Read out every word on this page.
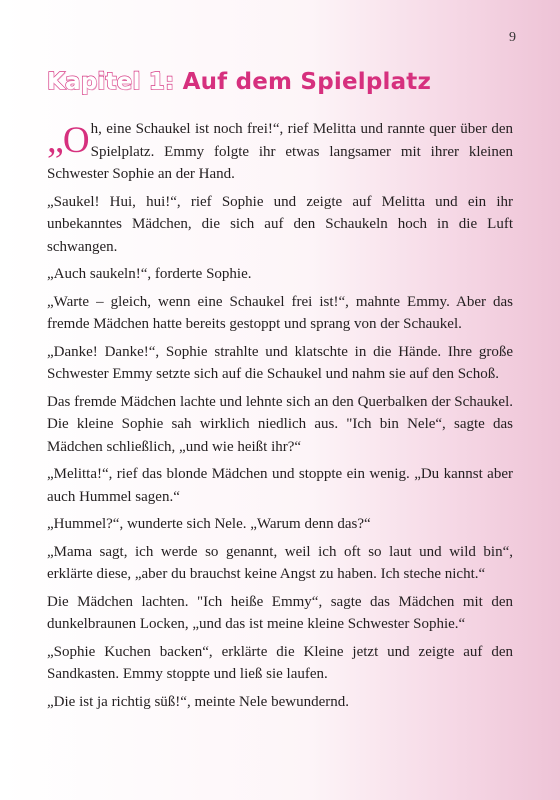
9
Kapitel 1: Auf dem Spielplatz

„O h, eine Schaukel ist noch frei!“, rief Melitta und rannte quer über den Spielplatz. Emmy folgte ihr etwas langsamer mit ihrer kleinen Schwester Sophie an der Hand.

„Saukel! Hui, hui!“, rief Sophie und zeigte auf Melitta und ein ihr unbekanntes Mädchen, die sich auf den Schaukeln hoch in die Luft schwangen.

„Auch saukeln!“, forderte Sophie.

„Warte – gleich, wenn eine Schaukel frei ist!“, mahnte Emmy. Aber das fremde Mädchen hatte bereits gestoppt und sprang von der Schaukel.

„Danke! Danke!“, Sophie strahlte und klatschte in die Hände. Ihre große Schwester Emmy setzte sich auf die Schaukel und nahm sie auf den Schoß.

Das fremde Mädchen lachte und lehnte sich an den Querbalken der Schaukel. Die kleine Sophie sah wirklich niedlich aus. "Ich bin Nele“, sagte das Mädchen schließlich, „und wie heißt ihr?“

„Melitta!“, rief das blonde Mädchen und stoppte ein wenig. „Du kannst aber auch Hummel sagen.“

„Hummel?“, wunderte sich Nele. „Warum denn das?“

„Mama sagt, ich werde so genannt, weil ich oft so laut und wild bin“, erklärte diese, „aber du brauchst keine Angst zu haben. Ich steche nicht.“

Die Mädchen lachten. "Ich heiße Emmy“, sagte das Mädchen mit den dunkelbraunen Locken, „und das ist meine kleine Schwester Sophie.“

„Sophie Kuchen backen“, erklärte die Kleine jetzt und zeigte auf den Sandkasten. Emmy stoppte und ließ sie laufen.

„Die ist ja richtig süß!“, meinte Nele bewundernd.
